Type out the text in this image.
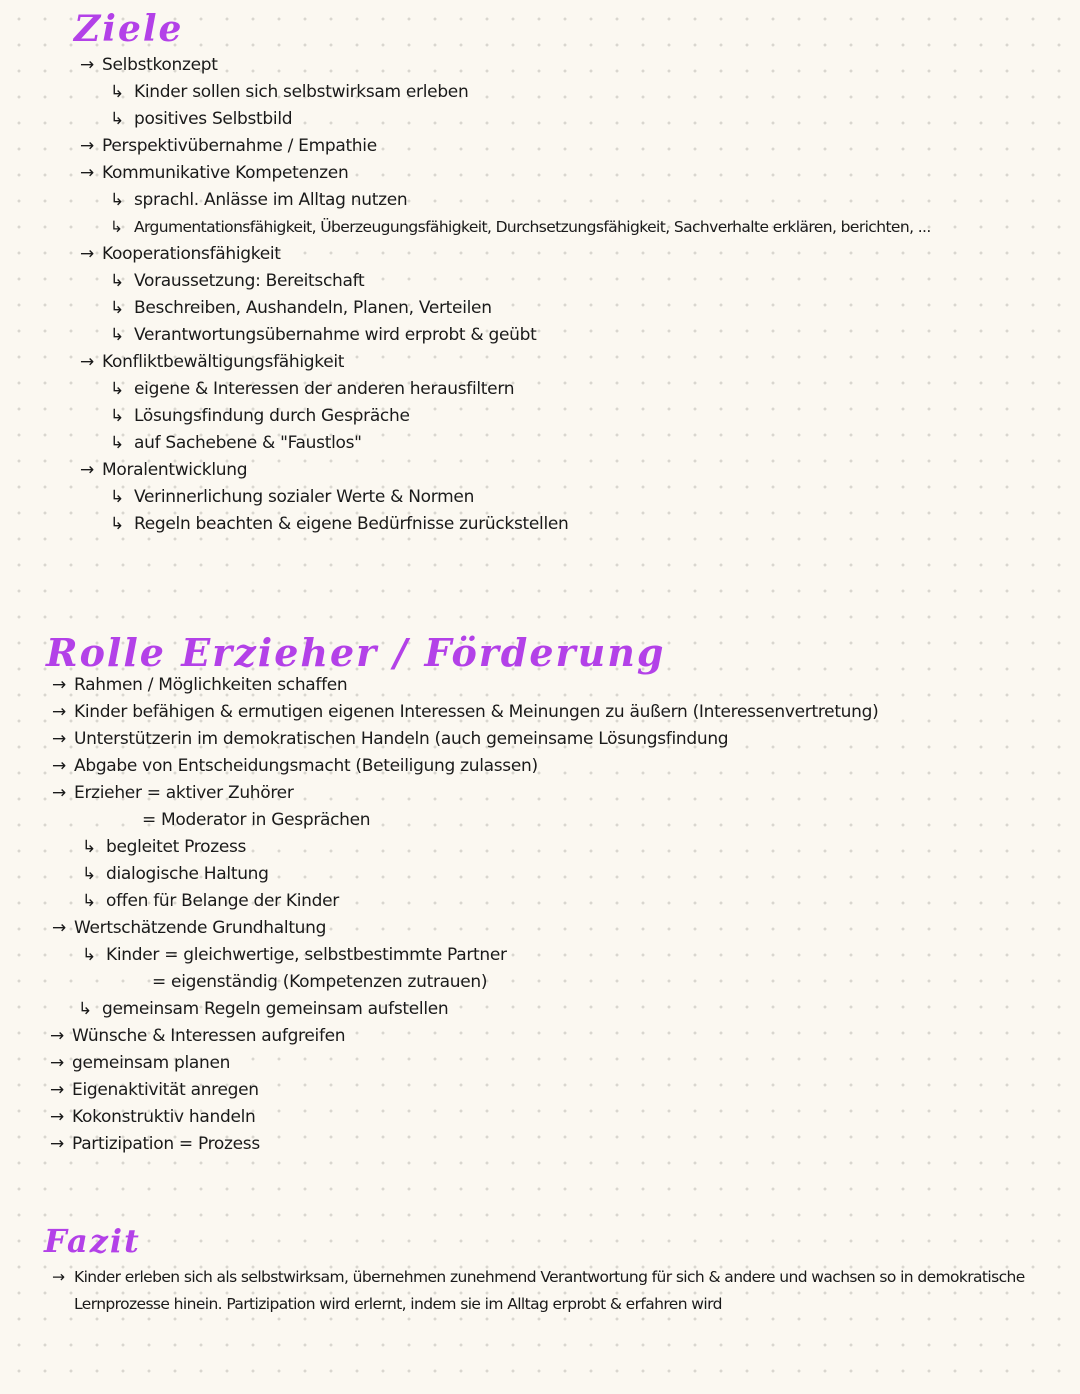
Ziele
→ Selbstkonzept
↳ Kinder sollen sich selbstwirksam erleben
↳ positives Selbstbild
→ Perspektivübernahme / Empathie
→ Kommunikative Kompetenzen
↳ sprachl. Anlässe im Alltag nutzen
↳ Argumentationsfähigkeit, Überzeugungsfähigkeit, Durchsetzungsfähigkeit, Sachverhalte erklären, berichten, ...
→ Kooperationsfähigkeit
↳ Voraussetzung: Bereitschaft
↳ Beschreiben, Aushandeln, Planen, Verteilen
↳ Verantwortungsübernahme wird erprobt & geübt
→ Konfliktbewältigungsfähigkeit
↳ eigene & Interessen der anderen herausfiltern
↳ Lösungsfindung durch Gespräche
↳ auf Sachebene & "Faustlos"
→ Moralentwicklung
↳ Verinnerlichung sozialer Werte & Normen
↳ Regeln beachten & eigene Bedürfnisse zurückstellen
Rolle Erzieher / Förderung
→ Rahmen / Möglichkeiten schaffen
→ Kinder befähigen & ermutigen eigenen Interessen & Meinungen zu äußern (Interessenvertretung)
→ Unterstützerin im demokratischen Handeln (auch gemeinsame Lösungsfindung
→ Abgabe von Entscheidungsmacht (Beteiligung zulassen)
→ Erzieher = aktiver Zuhörer
= Moderator in Gesprächen
↳ begleitet Prozess
↳ dialogische Haltung
↳ offen für Belange der Kinder
→ Wertschätzende Grundhaltung
↳ Kinder = gleichwertige, selbstbestimmte Partner
= eigenständig (Kompetenzen zutrauen)
↳ gemeinsam Regeln gemeinsam aufstellen
→ Wünsche & Interessen aufgreifen
→ gemeinsam planen
→ Eigenaktivität anregen
→ Kokonstruktiv handeln
→ Partizipation = Prozess
Fazit
→ Kinder erleben sich als selbstwirksam, übernehmen zunehmend Verantwortung für sich & andere und wachsen so in demokratische
Lernprozesse hinein. Partizipation wird erlernt, indem sie im Alltag erprobt & erfahren wird
